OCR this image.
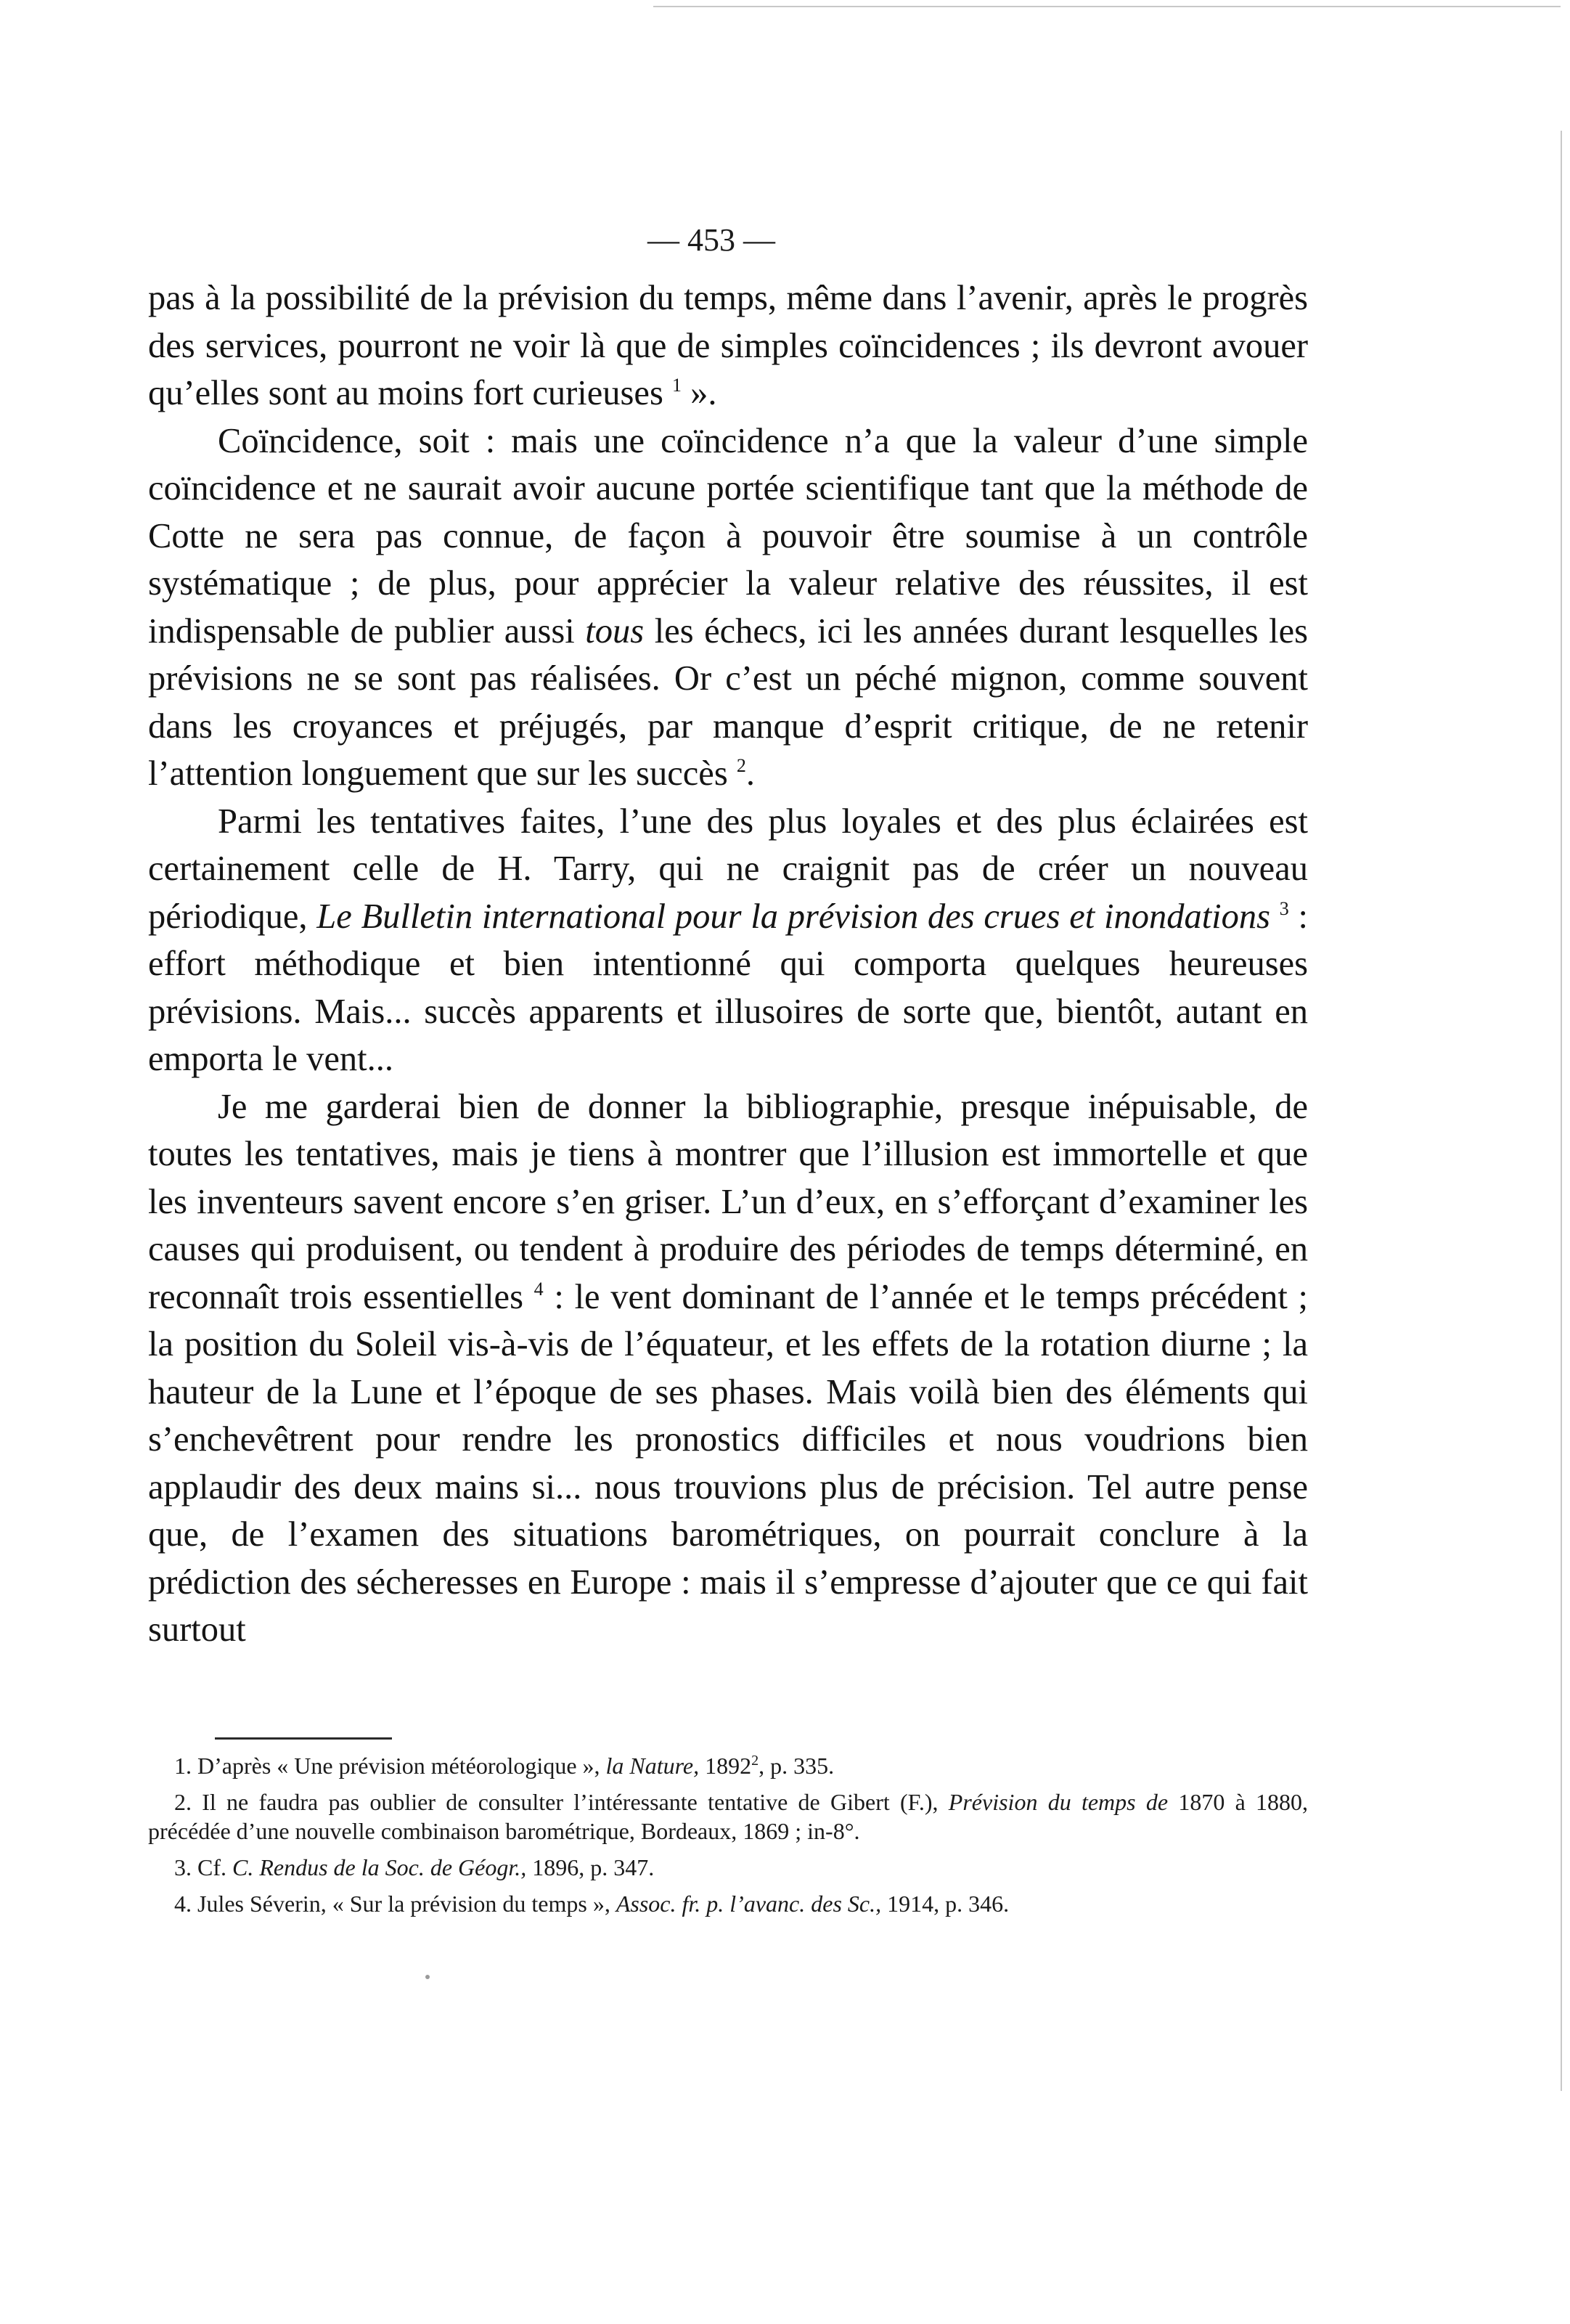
— 453 —

pas à la possibilité de la prévision du temps, même dans l’avenir, après le progrès des services, pourront ne voir là que de simples coïncidences ; ils devront avouer qu’elles sont au moins fort curieuses $^1$ ».

Coïncidence, soit : mais une coïncidence n’a que la valeur d’une simple coïncidence et ne saurait avoir aucune portée scientifique tant que la méthode de Cotte ne sera pas connue, de façon à pouvoir être soumise à un contrôle systématique ; de plus, pour apprécier la valeur relative des réussites, il est indispensable de publier aussi tous les échecs, ici les années durant lesquelles les prévisions ne se sont pas réalisées. Or c’est un péché mignon, comme souvent dans les croyances et préjugés, par manque d’esprit critique, de ne retenir l’attention longuement que sur les succès $^2$.

Parmi les tentatives faites, l’une des plus loyales et des plus éclairées est certainement celle de H. Tarry, qui ne craignit pas de créer un nouveau périodique, Le Bulletin international pour la prévision des crues et inondations $^3$ : effort méthodique et bien intentionné qui comporta quelques heureuses prévisions. Mais... succès apparents et illusoires de sorte que, bientôt, autant en emporta le vent...

Je me garderai bien de donner la bibliographie, presque inépuisable, de toutes les tentatives, mais je tiens à montrer que l’illusion est immortelle et que les inventeurs savent encore s’en griser. L’un d’eux, en s’efforçant d’examiner les causes qui produisent, ou tendent à produire des périodes de temps déterminé, en reconnaît trois essentielles $^4$ : le vent dominant de l’année et le temps précédent ; la position du Soleil vis-à-vis de l’équateur, et les effets de la rotation diurne ; la hauteur de la Lune et l’époque de ses phases. Mais voilà bien des éléments qui s’enchevêtrent pour rendre les pronostics difficiles et nous voudrions bien applaudir des deux mains si... nous trouvions plus de précision. Tel autre pense que, de l’examen des situations barométriques, on pourrait conclure à la prédiction des sécheresses en Europe : mais il s’empresse d’ajouter que ce qui fait surtout

1. D’après « Une prévision météorologique », la Nature, 1892$^2$, p. 335.

2. Il ne faudra pas oublier de consulter l’intéressante tentative de Gibert (F.), Prévision du temps de 1870 à 1880, précédée d’une nouvelle combinaison barométrique, Bordeaux, 1869 ; in-8°.

3. Cf. C. Rendus de la Soc. de Géogr., 1896, p. 347.

4. Jules Séverin, « Sur la prévision du temps », Assoc. fr. p. l’avanc. des Sc., 1914, p. 346.
